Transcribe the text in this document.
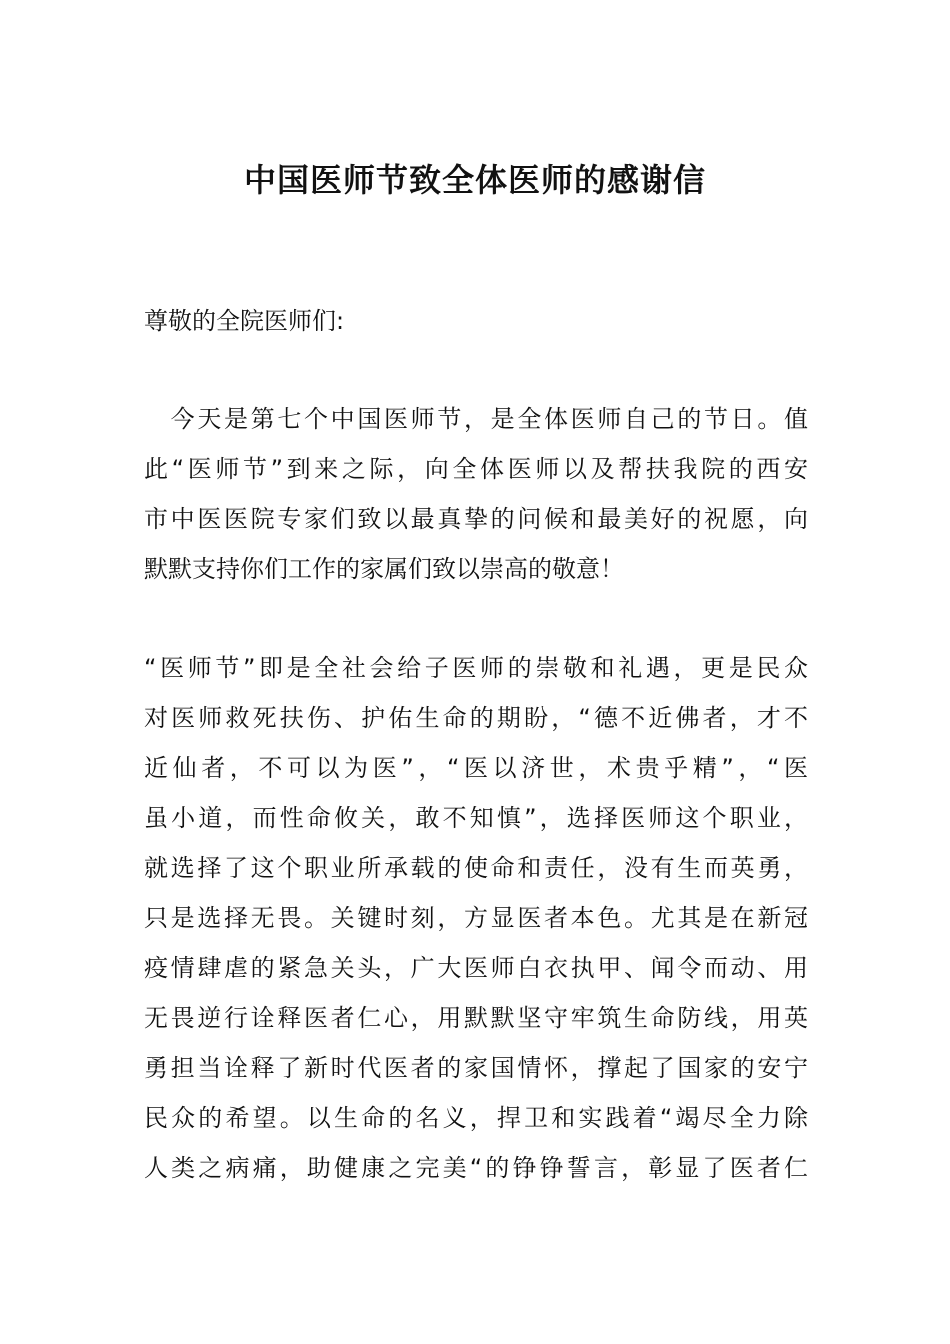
中国医师节致全体医师的感谢信
尊敬的全院医师们:
　今天是第七个中国医师节，是全体医师自己的节日。值
此“医师节”到来之际，向全体医师以及帮扶我院的西安
市中医医院专家们致以最真挚的问候和最美好的祝愿，向
默默支持你们工作的家属们致以崇高的敬意！
“医师节”即是全社会给子医师的崇敬和礼遇，更是民众
对医师救死扶伤、护佑生命的期盼，“德不近佛者，才不
近仙者，不可以为医”，“医以济世，术贵乎精”，“医
虽小道，而性命攸关，敢不知慎”，选择医师这个职业，
就选择了这个职业所承载的使命和责任，没有生而英勇，
只是选择无畏。关键时刻，方显医者本色。尤其是在新冠
疫情肆虐的紧急关头，广大医师白衣执甲、闻令而动、用
无畏逆行诠释医者仁心，用默默坚守牢筑生命防线，用英
勇担当诠释了新时代医者的家国情怀，撑起了国家的安宁
民众的希望。以生命的名义，捍卫和实践着“竭尽全力除
人类之病痛，助健康之完美“的铮铮誓言，彰显了医者仁
